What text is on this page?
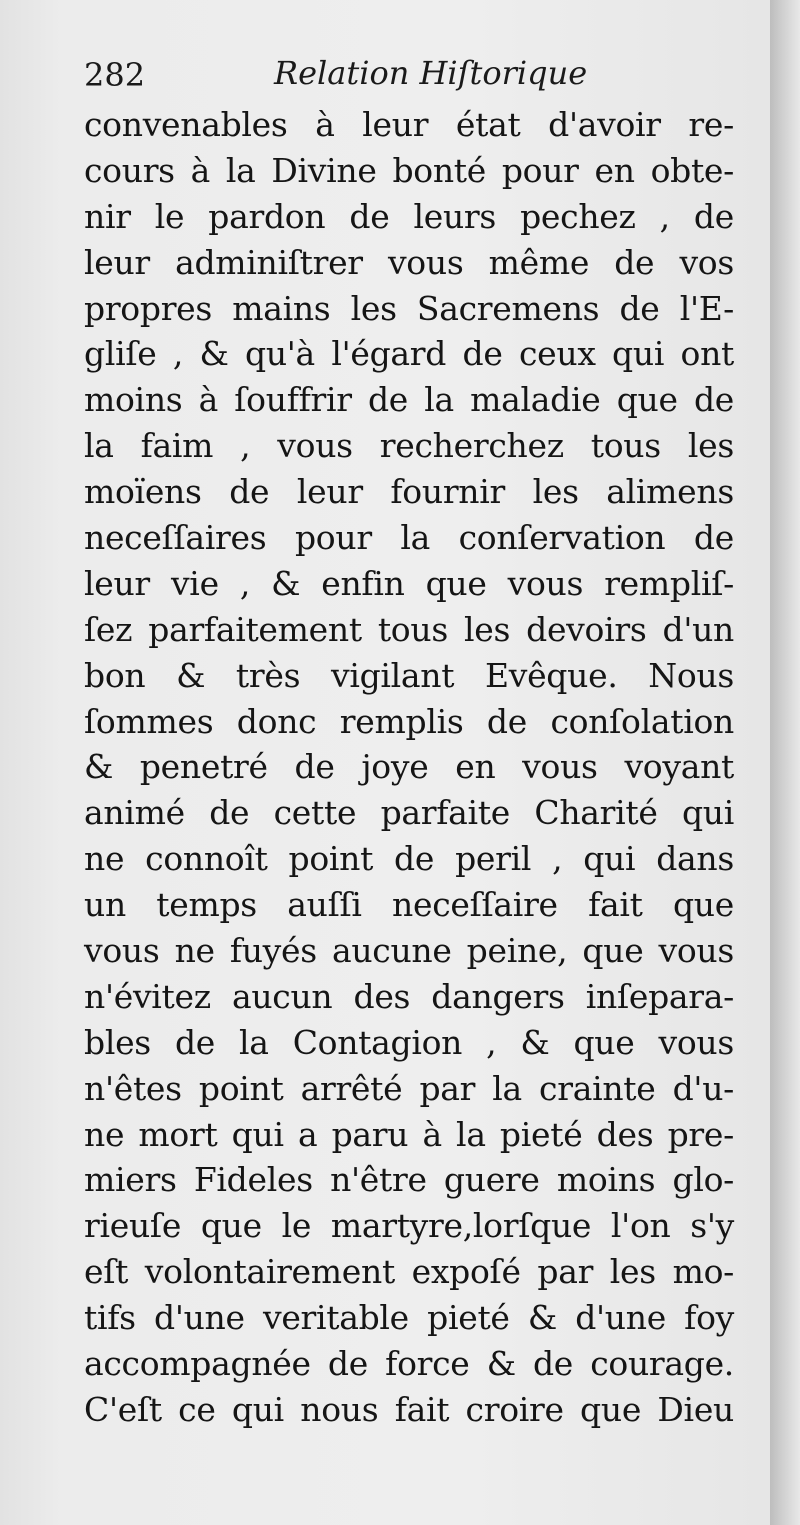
282	Relation Hiſtorique
convenables à leur état d'avoir re-
cours à la Divine bonté pour en obte-
nir le pardon de leurs pechez , de
leur adminiſtrer vous même de vos
propres mains les Sacremens de l'E-
gliſe , & qu'à l'égard de ceux qui ont
moins à ſouffrir de la maladie que de
la faim , vous recherchez tous les
moïens de leur fournir les alimens
neceſſaires pour la conſervation de
leur vie , & enfin que vous rempliſ-
ſez parfaitement tous les devoirs d'un
bon & très vigilant Evêque. Nous
ſommes donc remplis de conſolation
& penetré de joye en vous voyant
animé de cette parfaite Charité qui
ne connoît point de peril , qui dans
un temps auſſi neceſſaire fait que
vous ne fuyés aucune peine, que vous
n'évitez aucun des dangers inſepara-
bles de la Contagion , & que vous
n'êtes point arrêté par la crainte d'u-
ne mort qui a paru à la pieté des pre-
miers Fideles n'être guere moins glo-
rieuſe que le martyre,lorſque l'on s'y
eſt volontairement expoſé par les mo-
tifs d'une veritable pieté & d'une foy
accompagnée de force & de courage.
C'eſt ce qui nous fait croire que Dieu
